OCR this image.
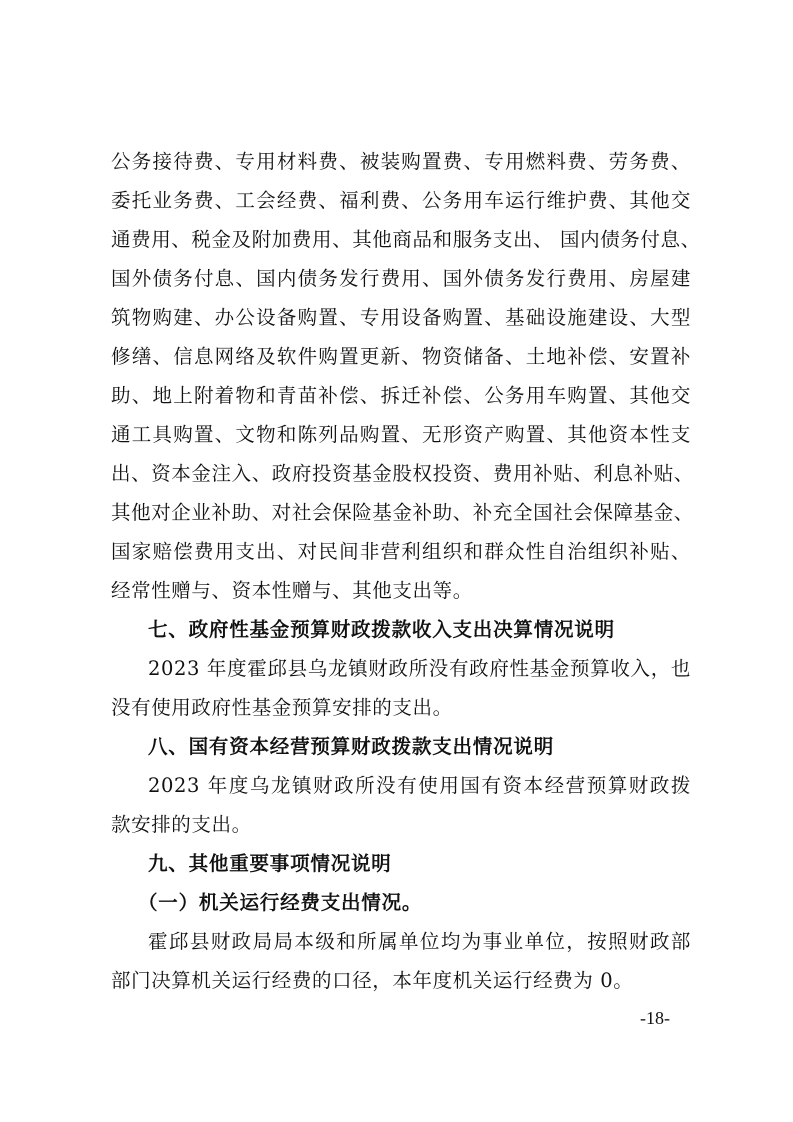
公务接待费、专用材料费、被装购置费、专用燃料费、劳务费、
委托业务费、工会经费、福利费、公务用车运行维护费、其他交
通费用、税金及附加费用、其他商品和服务支出、 国内债务付息、
国外债务付息、国内债务发行费用、国外债务发行费用、房屋建
筑物购建、办公设备购置、专用设备购置、基础设施建设、大型
修缮、信息网络及软件购置更新、物资储备、土地补偿、安置补
助、地上附着物和青苗补偿、拆迁补偿、公务用车购置、其他交
通工具购置、文物和陈列品购置、无形资产购置、其他资本性支
出、资本金注入、政府投资基金股权投资、费用补贴、利息补贴、
其他对企业补助、对社会保险基金补助、补充全国社会保障基金、
国家赔偿费用支出、对民间非营利组织和群众性自治组织补贴、
经常性赠与、资本性赠与、其他支出等。
七、政府性基金预算财政拨款收入支出决算情况说明
2023 年度霍邱县乌龙镇财政所没有政府性基金预算收入，也
没有使用政府性基金预算安排的支出。
八、国有资本经营预算财政拨款支出情况说明
2023 年度乌龙镇财政所没有使用国有资本经营预算财政拨
款安排的支出。
九、其他重要事项情况说明
（一）机关运行经费支出情况。
霍邱县财政局局本级和所属单位均为事业单位，按照财政部
部门决算机关运行经费的口径，本年度机关运行经费为 0。
-18-
